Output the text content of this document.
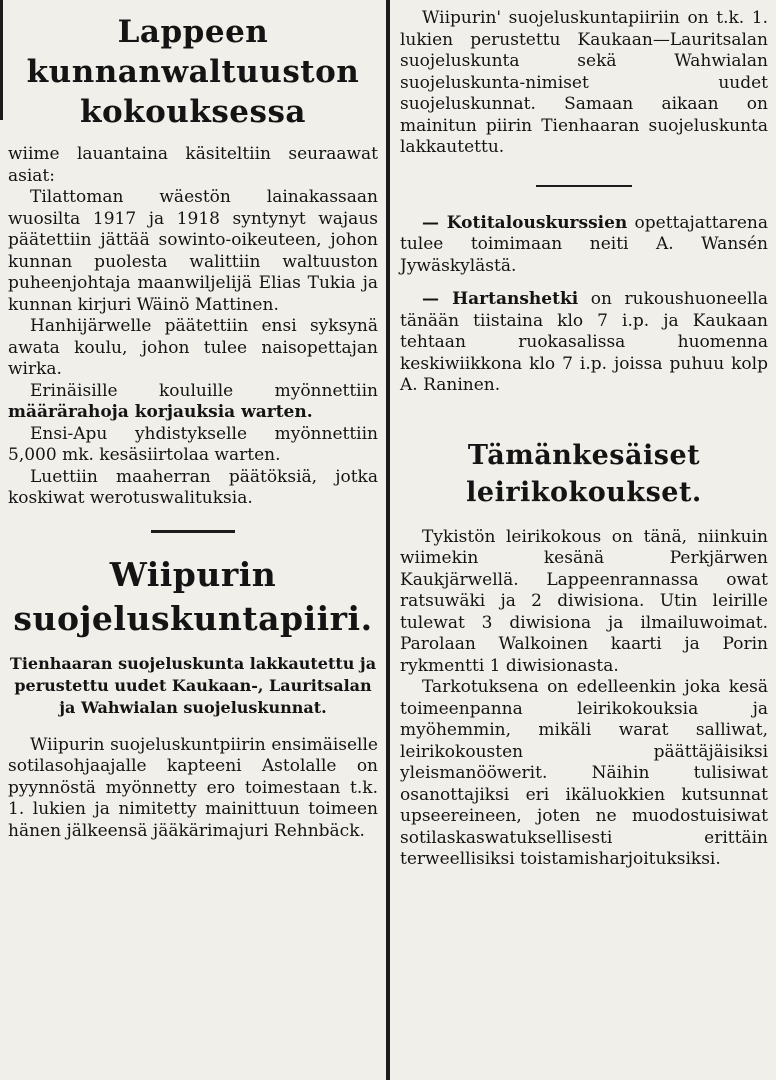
Lappeen kunnanwaltuuston kokouksessa

wiime lauantaina käsiteltiin seuraawat asiat:

Tilattoman wäestön lainakassaan wuosilta 1917 ja 1918 syntynyt wajaus päätettiin jättää sowinto-oikeuteen, johon kunnan puolesta walittiin waltuuston puheenjohtaja maanwiljelijä Elias Tukia ja kunnan kirjuri Wäinö Mattinen.

Hanhijärwelle päätettiin ensi syksynä awata koulu, johon tulee naisopettajan wirka.

Erinäisille kouluille myönnettiin määrärahoja korjauksia warten.

Ensi-Apu yhdistykselle myönnettiin 5,000 mk. kesäsiirtolaa warten.

Luettiin maaherran päätöksiä, jotka koskiwat werotuswalituksia.

Wiipurin suojeluskuntapiiri.
Tienhaaran suojeluskunta lakkautettu ja perustettu uudet Kaukaan-, Lauritsalan ja Wahwialan suojeluskunnat.

Wiipurin suojeluskuntpiirin ensimäiselle sotilasohjaajalle kapteeni Astolalle on pyynnöstä myönnetty ero toimestaan t.k. 1. lukien ja nimitetty mainittuun toimeen hänen jälkeensä jääkärimajuri Rehnbäck.

Wiipurin' suojeluskuntapiiriin on t.k. 1. lukien perustettu Kaukaan—Lauritsalan suojeluskunta sekä Wahwialan suojeluskunta-nimiset uudet suojeluskunnat. Samaan aikaan on mainitun piirin Tienhaaran suojeluskunta lakkautettu.

— Kotitalouskurssien opettajattarena tulee toimimaan neiti A. Wansén Jywäskylästä.

— Hartanshetki on rukoushuoneella tänään tiistaina klo 7 i.p. ja Kaukaan tehtaan ruokasalissa huomenna keskiwiikkona klo 7 i.p. joissa puhuu kolp A. Raninen.

Tämänkesäiset leirikokoukset.

Tykistön leirikokous on tänä, niinkuin wiimekin kesänä Perkjärwen Kaukjärwellä. Lappeenrannassa owat ratsuwäki ja 2 diwisiona. Utin leirille tulewat 3 diwisiona ja ilmailuwoimat. Parolaan Walkoinen kaarti ja Porin rykmentti 1 diwisionasta.

Tarkotuksena on edelleenkin joka kesä toimeenpanna leirikokouksia ja myöhemmin, mikäli warat salliwat, leirikokousten päättäjäisiksi yleismanööwerit. Näihin tulisiwat osanottajiksi eri ikäluokkien kutsunnat upseereineen, joten ne muodostuisiwat sotilaskaswatuksellisesti erittäin terweellisiksi toistamisharjoituksiksi.
